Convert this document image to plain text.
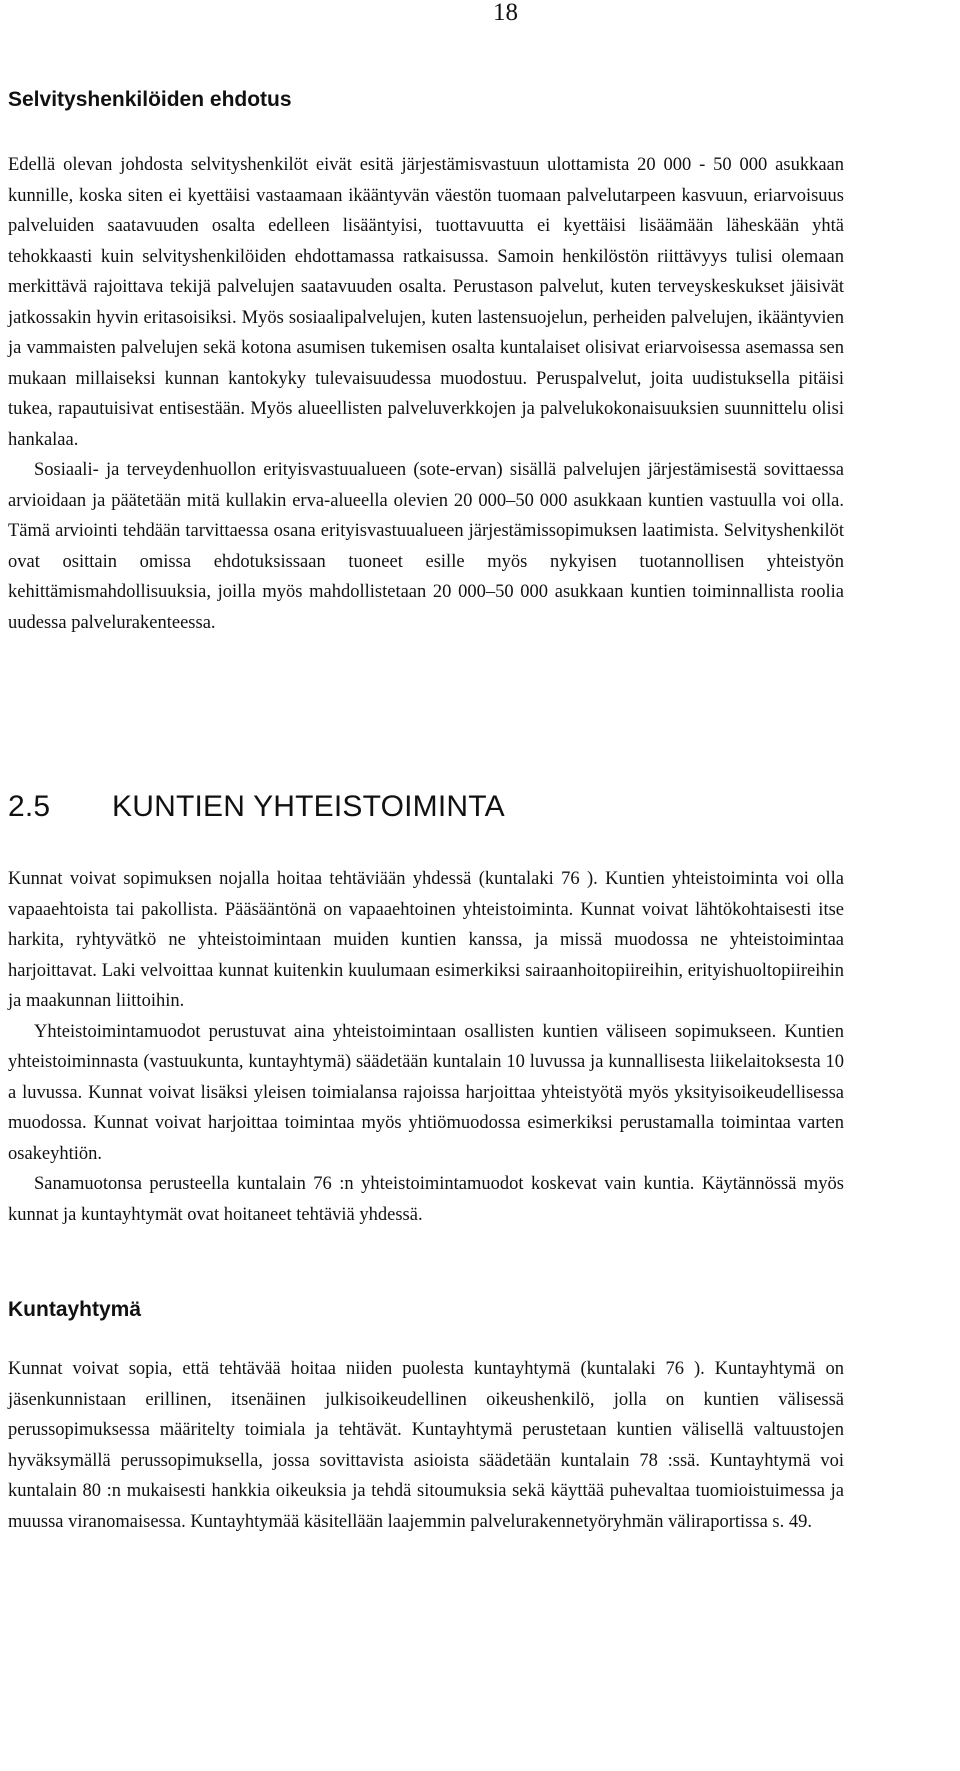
18
Selvityshenkilöiden ehdotus

Edellä olevan johdosta selvityshenkilöt eivät esitä järjestämisvastuun ulottamista 20 000 - 50 000 asukkaan kunnille, koska siten ei kyettäisi vastaamaan ikääntyvän väestön tuomaan palvelutarpeen kasvuun, eriarvoisuus palveluiden saatavuuden osalta edelleen lisääntyisi, tuottavuutta ei kyettäisi lisäämään läheskään yhtä tehokkaasti kuin selvityshenkilöiden ehdottamassa ratkaisussa. Samoin henkilöstön riittävyys tulisi olemaan merkittävä rajoittava tekijä palvelujen saatavuuden osalta. Perustason palvelut, kuten terveyskeskukset jäisivät jatkossakin hyvin eritasoisiksi. Myös sosiaalipalvelujen, kuten lastensuojelun, perheiden palvelujen, ikääntyvien ja vammaisten palvelujen sekä kotona asumisen tukemisen osalta kuntalaiset olisivat eriarvoisessa asemassa sen mukaan millaiseksi kunnan kantokyky tulevaisuudessa muodostuu. Peruspalvelut, joita uudistuksella pitäisi tukea, rapautuisivat entisestään. Myös alueellisten palveluverkkojen ja palvelukokonaisuuksien suunnittelu olisi hankalaa.

Sosiaali- ja terveydenhuollon erityisvastuualueen (sote-ervan) sisällä palvelujen järjestämisestä sovittaessa arvioidaan ja päätetään mitä kullakin erva-alueella olevien 20 000–50 000 asukkaan kuntien vastuulla voi olla. Tämä arviointi tehdään tarvittaessa osana erityisvastuualueen järjestämissopimuksen laatimista. Selvityshenkilöt ovat osittain omissa ehdotuksissaan tuoneet esille myös nykyisen tuotannollisen yhteistyön kehittämismahdollisuuksia, joilla myös mahdollistetaan 20 000–50 000 asukkaan kuntien toiminnallista roolia uudessa palvelurakenteessa.

2.5 KUNTIEN YHTEISTOIMINTA

Kunnat voivat sopimuksen nojalla hoitaa tehtäviään yhdessä (kuntalaki 76 ). Kuntien yhteistoiminta voi olla vapaaehtoista tai pakollista. Pääsääntönä on vapaaehtoinen yhteistoiminta. Kunnat voivat lähtökohtaisesti itse harkita, ryhtyvätkö ne yhteistoimintaan muiden kuntien kanssa, ja missä muodossa ne yhteistoimintaa harjoittavat. Laki velvoittaa kunnat kuitenkin kuulumaan esimerkiksi sairaanhoitopiireihin, erityishuoltopiireihin ja maakunnan liittoihin.

Yhteistoimintamuodot perustuvat aina yhteistoimintaan osallisten kuntien väliseen sopimukseen. Kuntien yhteistoiminnasta (vastuukunta, kuntayhtymä) säädetään kuntalain 10 luvussa ja kunnallisesta liikelaitoksesta 10 a luvussa. Kunnat voivat lisäksi yleisen toimialansa rajoissa harjoittaa yhteistyötä myös yksityisoikeudellisessa muodossa. Kunnat voivat harjoittaa toimintaa myös yhtiömuodossa esimerkiksi perustamalla toimintaa varten osakeyhtiön.

Sanamuotonsa perusteella kuntalain 76 :n yhteistoimintamuodot koskevat vain kuntia. Käytännössä myös kunnat ja kuntayhtymät ovat hoitaneet tehtäviä yhdessä.

Kuntayhtymä

Kunnat voivat sopia, että tehtävää hoitaa niiden puolesta kuntayhtymä (kuntalaki 76 ). Kuntayhtymä on jäsenkunnistaan erillinen, itsenäinen julkisoikeudellinen oikeushenkilö, jolla on kuntien välisessä perussopimuksessa määritelty toimiala ja tehtävät. Kuntayhtymä perustetaan kuntien välisellä valtuustojen hyväksymällä perussopimuksella, jossa sovittavista asioista säädetään kuntalain 78 :ssä. Kuntayhtymä voi kuntalain 80 :n mukaisesti hankkia oikeuksia ja tehdä sitoumuksia sekä käyttää puhevaltaa tuomioistuimessa ja muussa viranomaisessa. Kuntayhtymää käsitellään laajemmin palvelurakennetyöryhmän väliraportissa s. 49.
